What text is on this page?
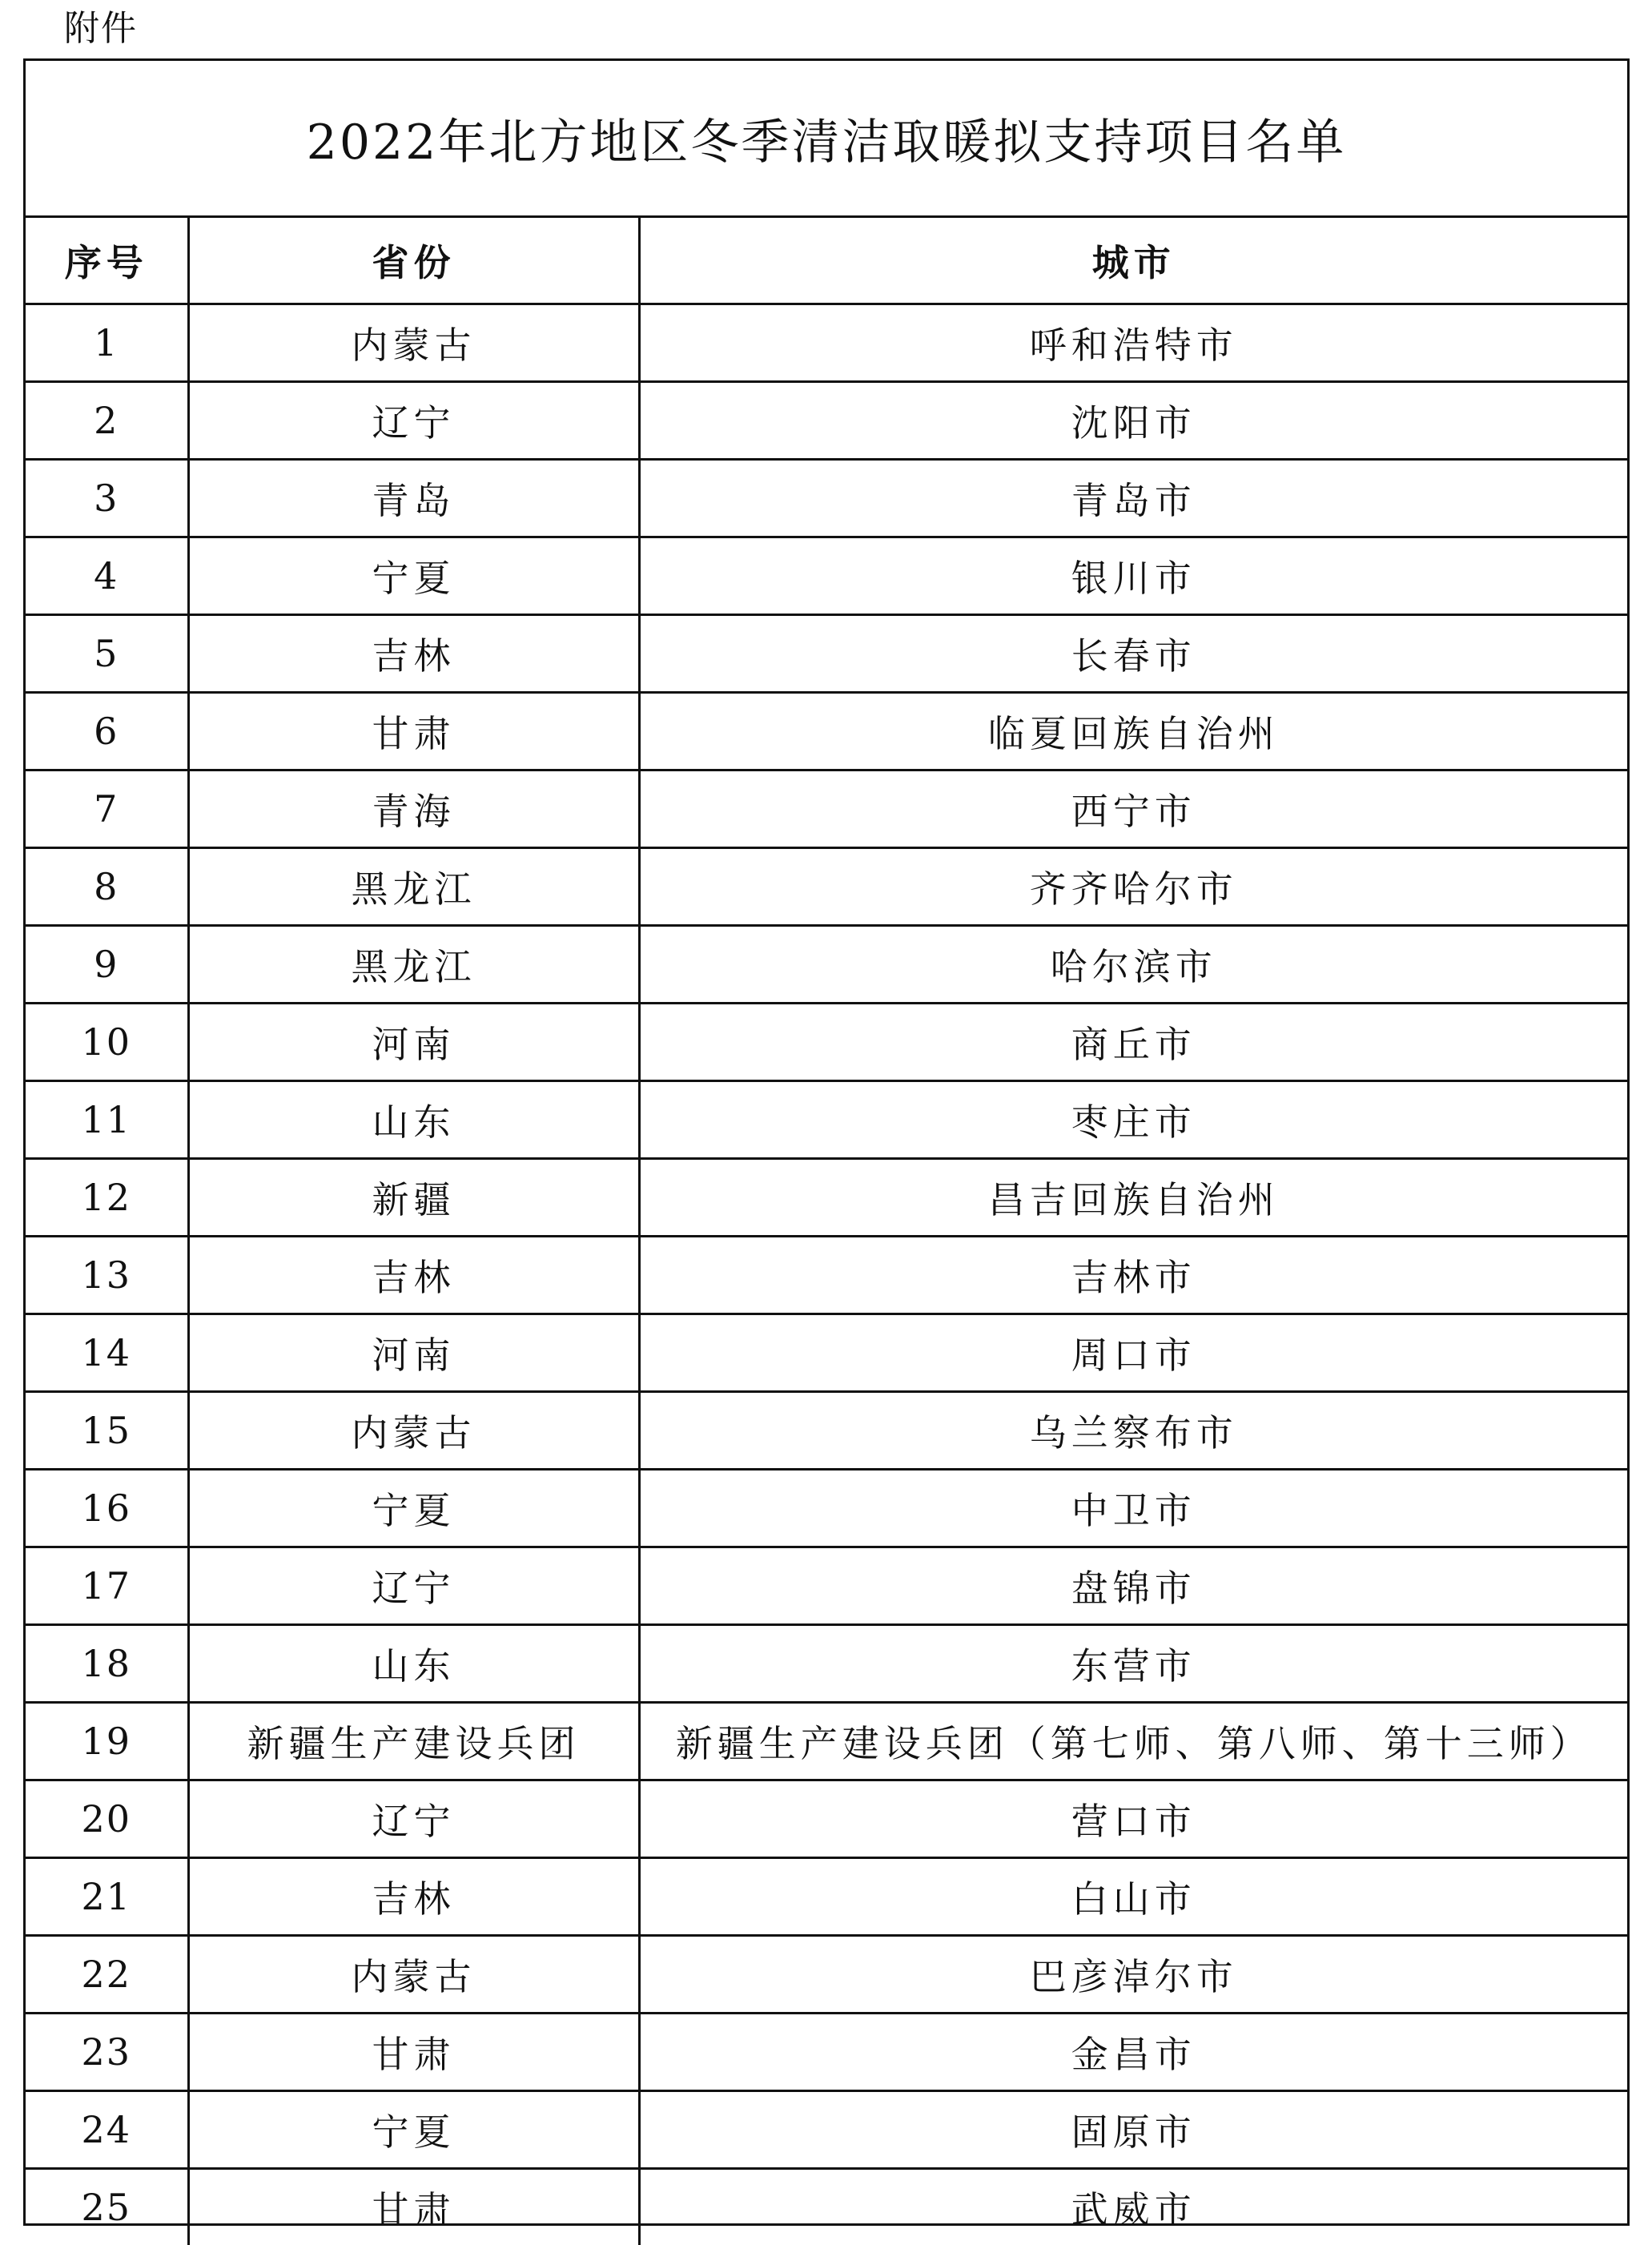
附件
2022年北方地区冬季清洁取暖拟支持项目名单
序号	省份	城市
1	内蒙古	呼和浩特市
2	辽宁	沈阳市
3	青岛	青岛市
4	宁夏	银川市
5	吉林	长春市
6	甘肃	临夏回族自治州
7	青海	西宁市
8	黑龙江	齐齐哈尔市
9	黑龙江	哈尔滨市
10	河南	商丘市
11	山东	枣庄市
12	新疆	昌吉回族自治州
13	吉林	吉林市
14	河南	周口市
15	内蒙古	乌兰察布市
16	宁夏	中卫市
17	辽宁	盘锦市
18	山东	东营市
19	新疆生产建设兵团	新疆生产建设兵团（第七师、第八师、第十三师）
20	辽宁	营口市
21	吉林	白山市
22	内蒙古	巴彦淖尔市
23	甘肃	金昌市
24	宁夏	固原市
25	甘肃	武威市
